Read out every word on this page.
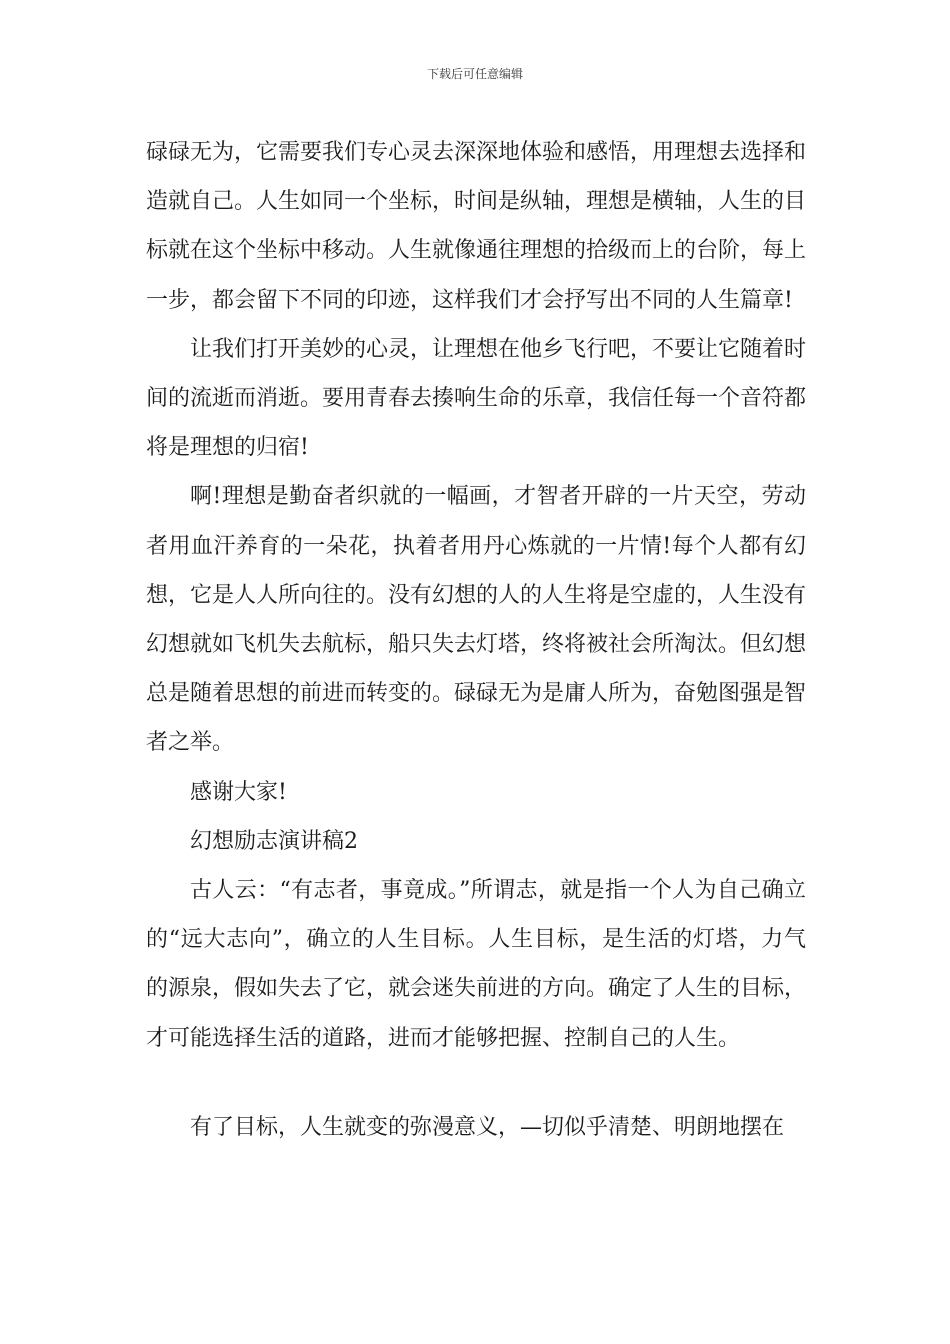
下载后可任意编辑

碌碌无为，它需要我们专心灵去深深地体验和感悟，用理想去选择和造就自己。人生如同一个坐标，时间是纵轴，理想是横轴，人生的目标就在这个坐标中移动。人生就像通往理想的拾级而上的台阶，每上一步，都会留下不同的印迹，这样我们才会抒写出不同的人生篇章!

让我们打开美妙的心灵，让理想在他乡飞行吧，不要让它随着时间的流逝而消逝。要用青春去揍响生命的乐章，我信任每一个音符都将是理想的归宿!

啊!理想是勤奋者织就的一幅画，才智者开辟的一片天空，劳动者用血汗养育的一朵花，执着者用丹心炼就的一片情!每个人都有幻想，它是人人所向往的。没有幻想的人的人生将是空虚的，人生没有幻想就如飞机失去航标，船只失去灯塔，终将被社会所淘汰。但幻想总是随着思想的前进而转变的。碌碌无为是庸人所为，奋勉图强是智者之举。

感谢大家!

幻想励志演讲稿2

古人云：“有志者，事竟成。”所谓志，就是指一个人为自己确立的“远大志向”，确立的人生目标。人生目标，是生活的灯塔，力气的源泉，假如失去了它，就会迷失前进的方向。确定了人生的目标，才可能选择生活的道路，进而才能够把握、控制自己的人生。

有了目标，人生就变的弥漫意义，—切似乎清楚、明朗地摆在
